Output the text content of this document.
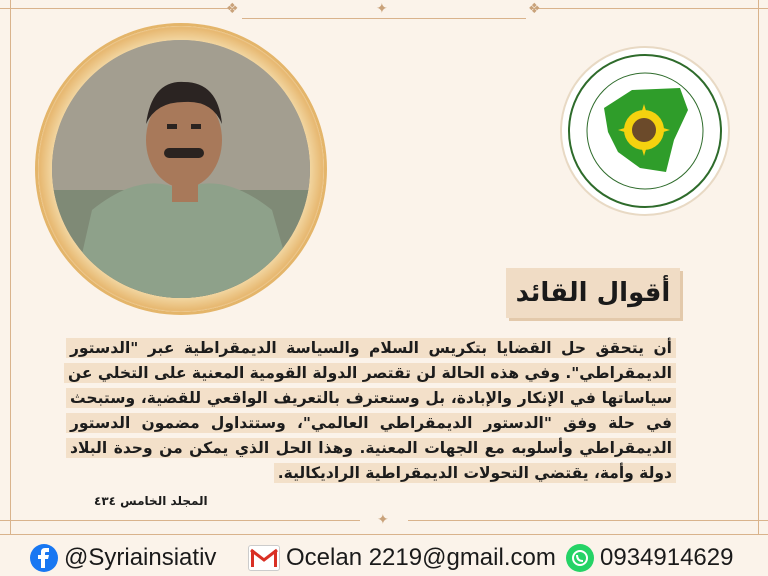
❖	✦	❖
✦
أقوال القائد
أن يتحقق حل القضايا بتكريس السلام والسياسة الديمقراطية عبر "الدستور الديمقراطي". وفي هذه الحالة لن تقتصر الدولة القومية المعنية على التخلي عن سياساتها في الإنكار والإبادة، بل وستعترف بالتعريف الواقعي للقضية، وستبحث في حلة وفق "الدستور الديمقراطي العالمي"، وستتداول مضمون الدستور الديمقراطي وأسلوبه مع الجهات المعنية. وهذا الحل الذي يمكن من وحدة البلاد دولة وأمة، يقتضي التحولات الديمقراطية الراديكالية.
المجلد الخامس ٤٣٤
@Syriainsiativ	Ocelan 2219@gmail.com 0934914629
